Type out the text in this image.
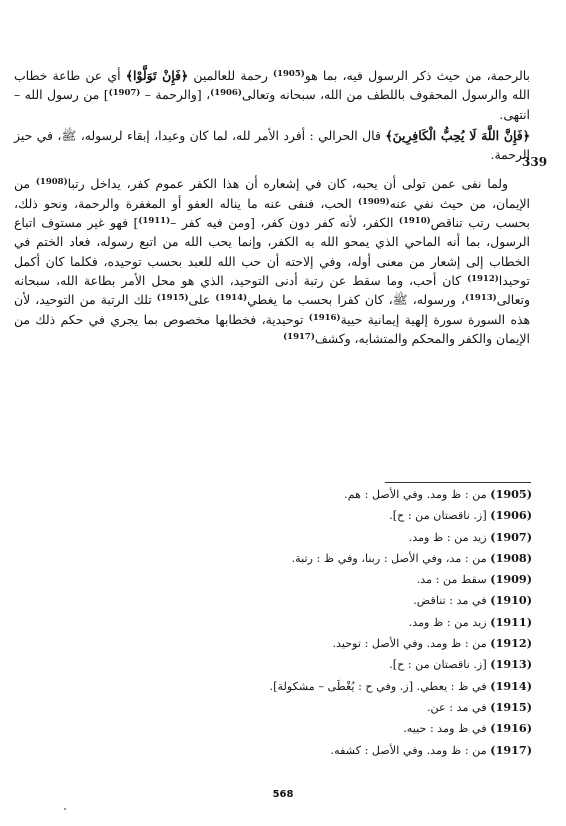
بالرحمة، من حيث ذكر الرسول فيه، بما هو$^{(1905)}$ رحمة للعالمين ﴿فَإِنْ تَوَلَّوْا﴾ أي عن طاعة خطاب الله والرسول المحفوف باللطف من الله، سبحانه وتعالى$^{(1906)}$، [والرحمة – $^{(1907)}$] من رسول الله – انتهى.

﴿فَإِنَّ اللَّهَ لَا يُحِبُّ الْكَافِرِينَ﴾ قال الحرالي : أفرد الأمر لله، لما كان وعيدا، إبقاء لرسوله، ﷺ، في حيز الرحمة.

ولما نفى عمن تولى أن يحبه، كان في إشعاره أن هذا الكفر عموم كفر، يداخل رتبا$^{(1908)}$ من الإيمان، من حيث نفي عنه$^{(1909)}$ الحب، فنفى عنه ما يناله العفو أو المغفرة والرحمة، ونحو ذلك، بحسب رتب تناقص$^{(1910)}$ الكفر، لأنه كفر دون كفر، [ومن فيه كفر –$^{(1911)}$] فهو غير مستوف اتباع الرسول، بما أنه الماحي الذي يمحو الله به الكفر، وإنما يحب الله من اتبع رسوله، فعاد الختم في الخطاب إلى إشعار من معنى أوله، وفي إلاحته أن حب الله للعبد بحسب توحيده، فكلما كان أكمل توحيدا$^{(1912)}$ كان أحب، وما سقط عن رتبة أدنى التوحيد، الذي هو محل الأمر بطاعة الله، سبحانه وتعالى$^{(1913)}$، ورسوله، ﷺ، كان كفرا بحسب ما يغطي$^{(1914)}$ على$^{(1915)}$ تلك الرتبة من التوحيد، لأن هذه السورة سورة إلهية إيمانية حيية$^{(1916)}$ توحيدية، فخطابها مخصوص بما يجري في حكم ذلك من الإيمان والكفر والمحكم والمتشابه، وكشف$^{(1917)}$

339
(1905) من : ظ ومد. وفي الأصل : هم.
(1906) [ز. ناقصتان من : ح].
(1907) زيد من : ظ ومد.
(1908) من : مد، وفي الأصل : ربنا، وفي ظ : رتبة.
(1909) سقط من : مد.
(1910) في مد : تناقض.
(1911) زيد من : ظ ومد.
(1912) من : ظ ومد. وفي الأصل : توحيد.
(1913) [ز. ناقصتان من : ح].
(1914) في ظ : يعطي. [ز. وفي ح : يُغْطَى – مشكولة].
(1915) في مد : عن.
(1916) في ظ ومد : حييه.
(1917) من : ظ ومد. وفي الأصل : كشفه.
568
